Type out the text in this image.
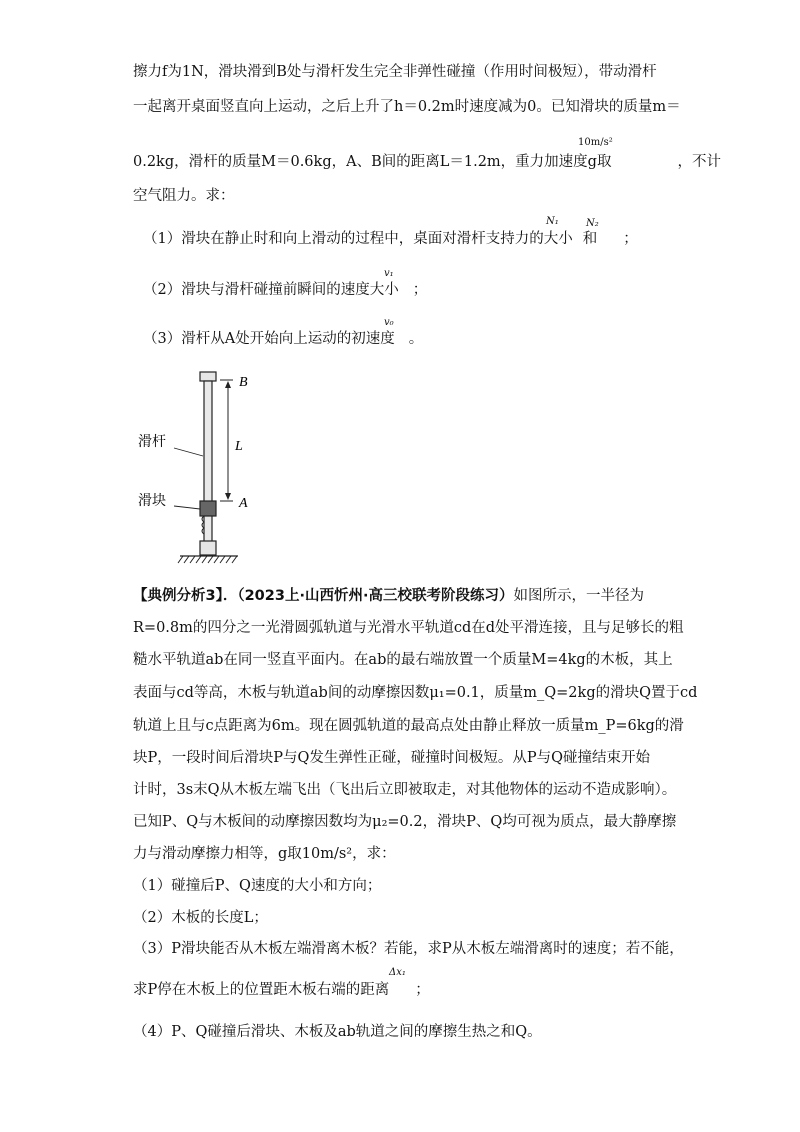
擦力f为1N，滑块滑到B处与滑杆发生完全非弹性碰撞（作用时间极短），带动滑杆
一起离开桌面竖直向上运动，之后上升了h＝0.2m时速度减为0。已知滑块的质量m＝
0.2kg，滑杆的质量M＝0.6kg，A、B间的距离L＝1.2m，重力加速度g取	，不计
10m/s²
空气阻力。求：
（1）滑块在静止时和向上滑动的过程中，桌面对滑杆支持力的大小 和 ；
N₁	N₂
（2）滑块与滑杆碰撞前瞬间的速度大小 ；
v₁
（3）滑杆从A处开始向上运动的初速度 。
v₀
B
L
A
滑杆
滑块
【典例分析3】．（2023上·山西忻州·高三校联考阶段练习）如图所示，一半径为
R=0.8m的四分之一光滑圆弧轨道与光滑水平轨道cd在d处平滑连接，且与足够长的粗
糙水平轨道ab在同一竖直平面内。在ab的最右端放置一个质量M=4kg的木板，其上
表面与cd等高，木板与轨道ab间的动摩擦因数μ₁=0.1，质量m_Q=2kg的滑块Q置于cd
轨道上且与c点距离为6m。现在圆弧轨道的最高点处由静止释放一质量m_P=6kg的滑
块P，一段时间后滑块P与Q发生弹性正碰，碰撞时间极短。从P与Q碰撞结束开始
计时，3s末Q从木板左端飞出（飞出后立即被取走，对其他物体的运动不造成影响）。
已知P、Q与木板间的动摩擦因数均为μ₂=0.2，滑块P、Q均可视为质点，最大静摩擦
力与滑动摩擦力相等，g取10m/s²，求：
（1）碰撞后P、Q速度的大小和方向；
（2）木板的长度L；
（3）P滑块能否从木板左端滑离木板？若能，求P从木板左端滑离时的速度；若不能，
求P停在木板上的位置距木板右端的距离 ；
Δx₁
（4）P、Q碰撞后滑块、木板及ab轨道之间的摩擦生热之和Q。
